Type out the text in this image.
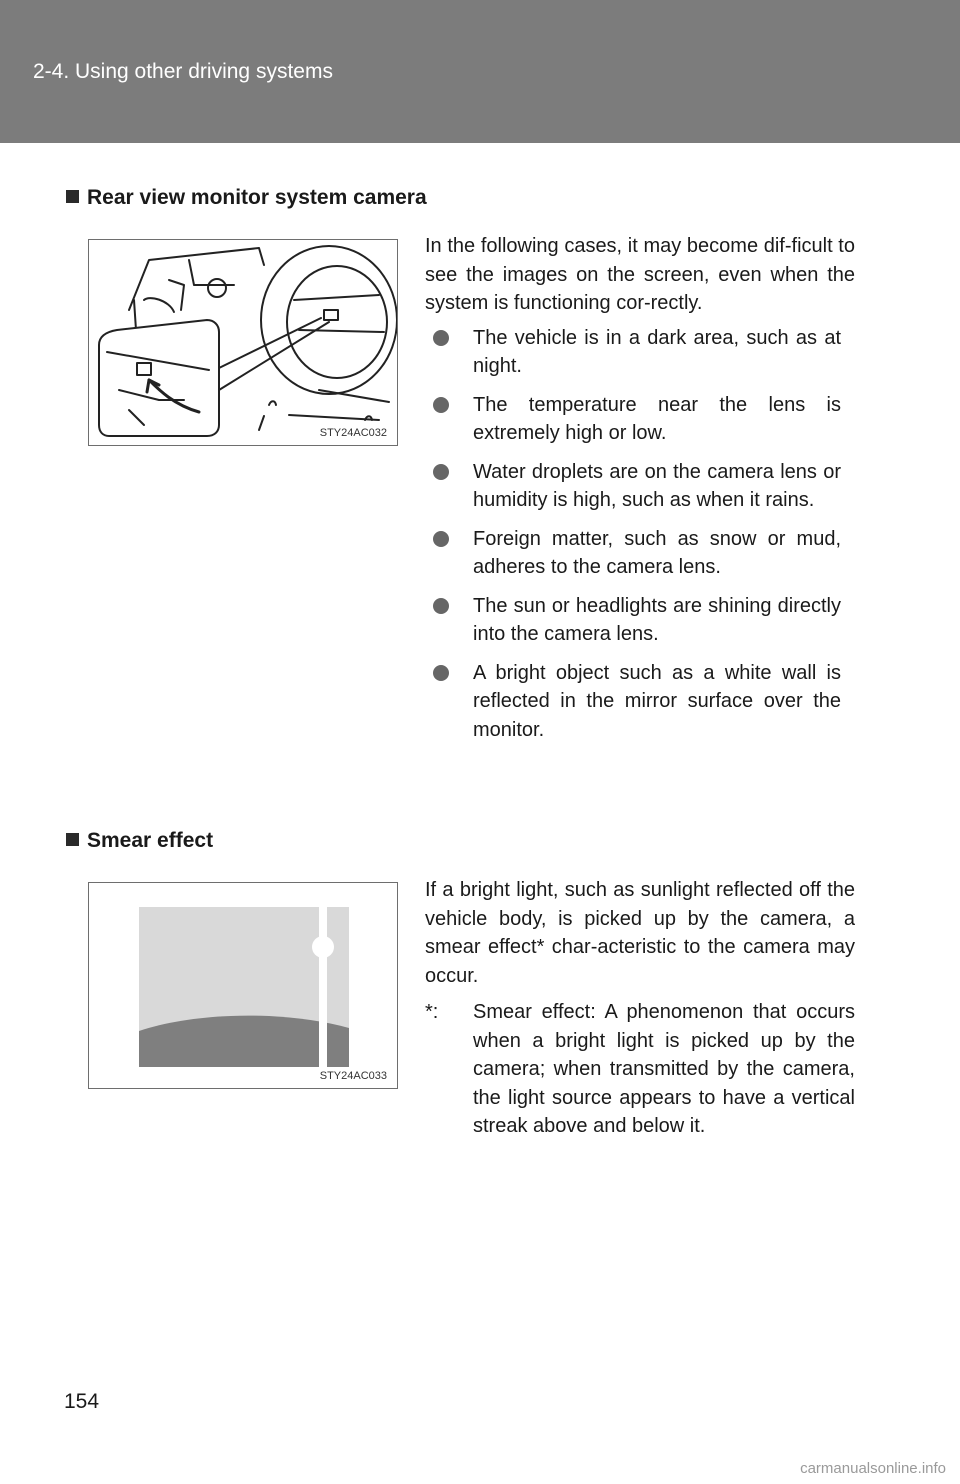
2-4. Using other driving systems
Rear view monitor system camera
STY24AC032
In the following cases, it may become dif-ficult to see the images on the screen, even when the system is functioning cor-rectly.
The vehicle is in a dark area, such as at night.
The temperature near the lens is extremely high or low.
Water droplets are on the camera lens or humidity is high, such as when it rains.
Foreign matter, such as snow or mud, adheres to the camera lens.
The sun or headlights are shining directly into the camera lens.
A bright object such as a white wall is reflected in the mirror surface over the monitor.
Smear effect
STY24AC033
If a bright light, such as sunlight reflected off the vehicle body, is picked up by the camera, a smear effect* char-acteristic to the camera may occur.
*: Smear effect: A phenomenon that occurs when a bright light is picked up by the camera; when transmitted by the camera, the light source appears to have a vertical streak above and below it.
154
carmanualsonline.info
